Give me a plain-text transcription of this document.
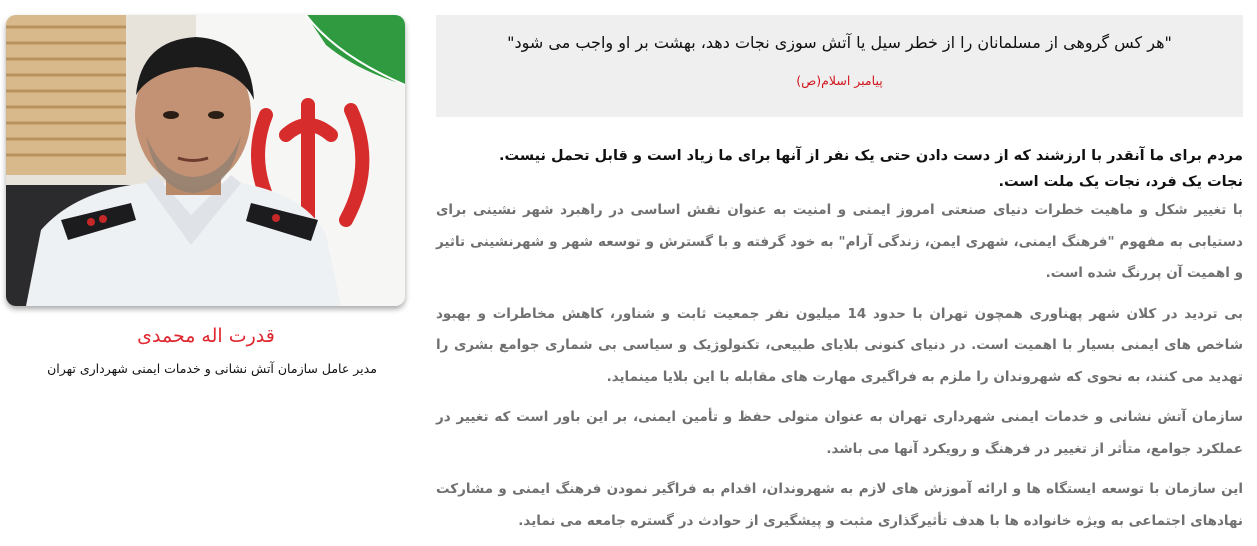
قدرت اله محمدی
مدیر عامل سازمان آتش نشانی و خدمات ایمنی شهرداری تهران
"هر کس گروهی از مسلمانان را از خطر سیل یا آتش سوزی نجات دهد، بهشت بر او واجب می شود"
پیامبر اسلام(ص)

مردم برای ما آنقدر با ارزشند که از دست دادن حتی یک نفر از آنها برای ما زیاد است و قابل تحمل نیست.

نجات یک فرد، نجات یک ملت است.

با تغییر شکل و ماهیت خطرات دنیای صنعتی امروز ایمنی و امنیت به عنوان نقش اساسی در راهبرد شهر نشینی برای دستیابی به مفهوم "فرهنگ ایمنی، شهری ایمن، زندگی آرام" به خود گرفته و با گسترش و توسعه شهر و شهرنشینی تاثیر و اهمیت آن پررنگ شده است.

بی تردید در کلان شهر پهناوری همچون تهران با حدود 14 میلیون نفر جمعیت ثابت و شناور، کاهش مخاطرات و بهبود شاخص های ایمنی بسیار با اهمیت است. در دنیای کنونی بلایای طبیعی، تکنولوژیک و سیاسی بی شماری جوامع بشری را تهدید می کنند، به نحوی که شهروندان را ملزم به فراگیری مهارت های مقابله با این بلایا مینماید.

سازمان آتش نشانی و خدمات ایمنی شهرداری تهران به عنوان متولی حفظ و تأمین ایمنی، بر این باور است که تغییر در عملکرد جوامع، متأثر از تغییر در فرهنگ و رویکرد آنها می باشد.

این سازمان با توسعه ایستگاه ها و ارائه آموزش های لازم به شهروندان، اقدام به فراگیر نمودن فرهنگ ایمنی و مشارکت نهادهای اجتماعی به ویژه خانواده ها با هدف تأثیرگذاری مثبت و پیشگیری از حوادث در گستره جامعه می نماید.
